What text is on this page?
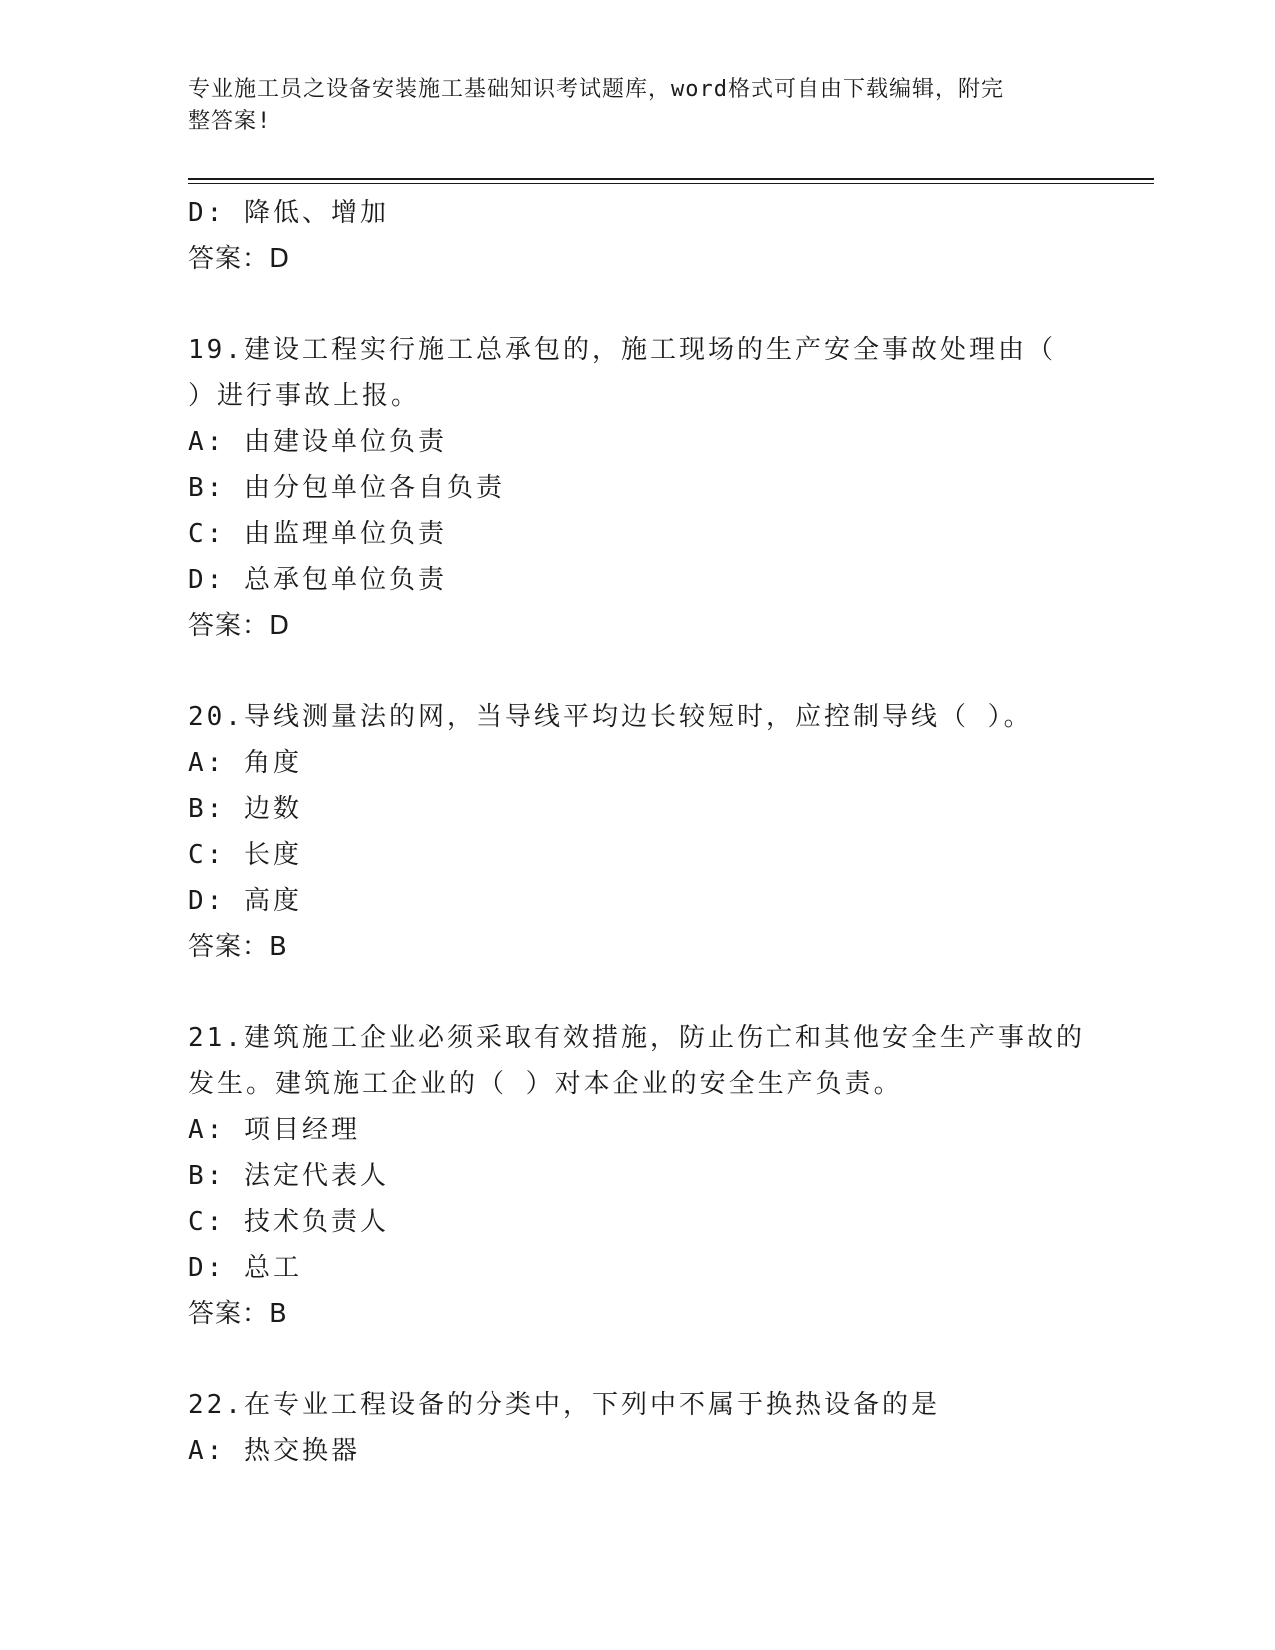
专业施工员之设备安装施工基础知识考试题库，word格式可自由下载编辑，附完
整答案!
D: 降低、增加
答案：D
19.建设工程实行施工总承包的，施工现场的生产安全事故处理由（
）进行事故上报。
A: 由建设单位负责
B: 由分包单位各自负责
C: 由监理单位负责
D: 总承包单位负责
答案：D
20.导线测量法的网，当导线平均边长较短时，应控制导线（ ）。
A: 角度
B: 边数
C: 长度
D: 高度
答案：B
21.建筑施工企业必须采取有效措施，防止伤亡和其他安全生产事故的
发生。建筑施工企业的（ ）对本企业的安全生产负责。
A: 项目经理
B: 法定代表人
C: 技术负责人
D: 总工
答案：B
22.在专业工程设备的分类中，下列中不属于换热设备的是
A: 热交换器
